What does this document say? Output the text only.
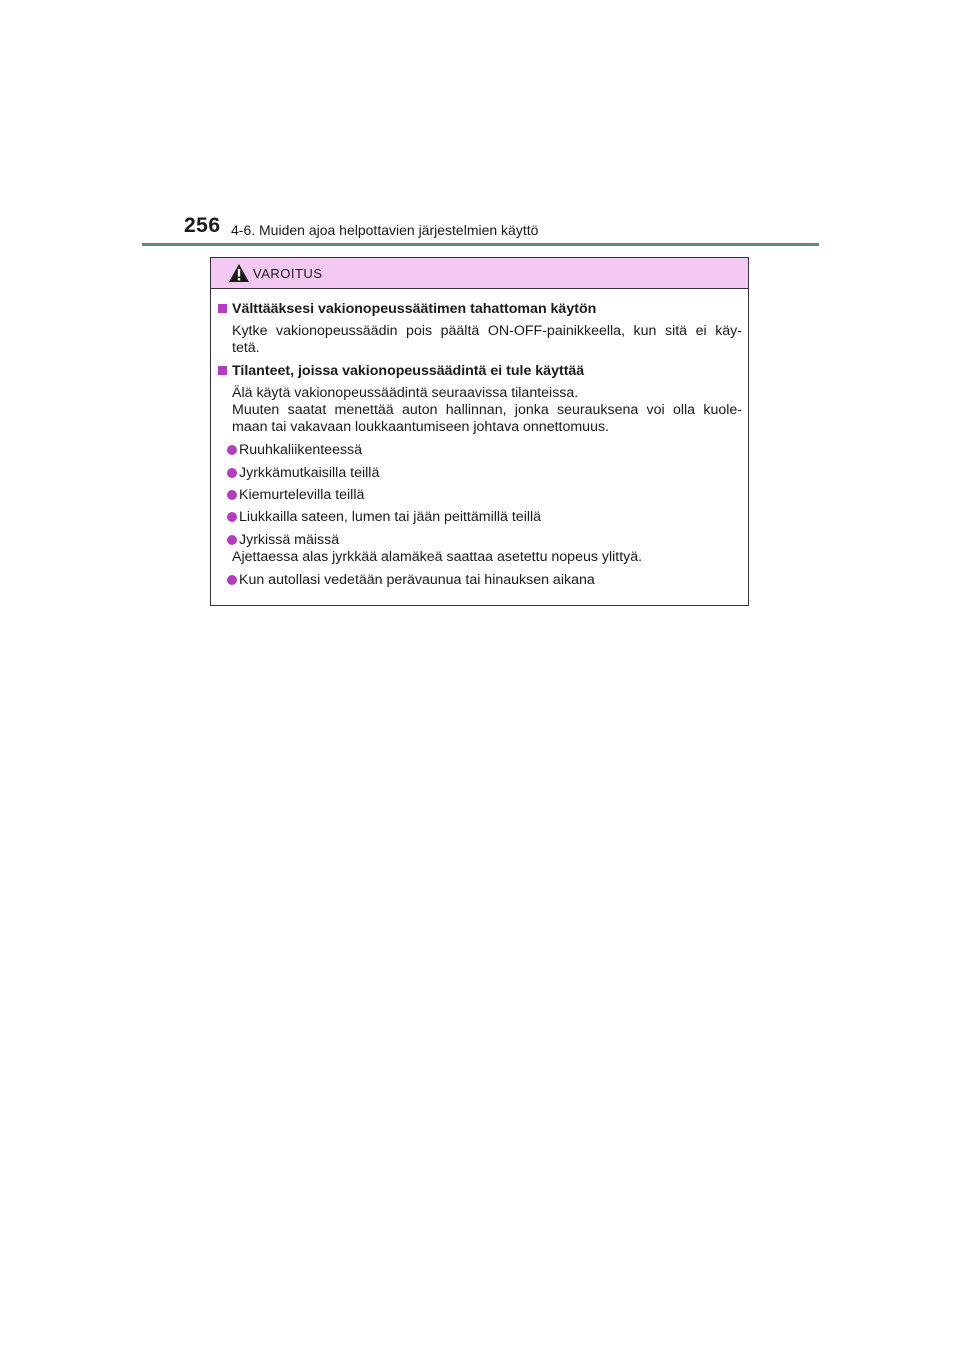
256 4-6. Muiden ajoa helpottavien järjestelmien käyttö
VAROITUS
Välttääksesi vakionopeussäätimen tahattoman käytön
Kytke vakionopeussäädin pois päältä ON-OFF-painikkeella, kun sitä ei käy-
tetä.
Tilanteet, joissa vakionopeussäädintä ei tule käyttää
Älä käytä vakionopeussäädintä seuraavissa tilanteissa.
Muuten saatat menettää auton hallinnan, jonka seurauksena voi olla kuole-
maan tai vakavaan loukkaantumiseen johtava onnettomuus.
Ruuhkaliikenteessä
Jyrkkämutkaisilla teillä
Kiemurtelevilla teillä
Liukkailla sateen, lumen tai jään peittämillä teillä
Jyrkissä mäissä
Ajettaessa alas jyrkkää alamäkeä saattaa asetettu nopeus ylittyä.
Kun autollasi vedetään perävaunua tai hinauksen aikana
